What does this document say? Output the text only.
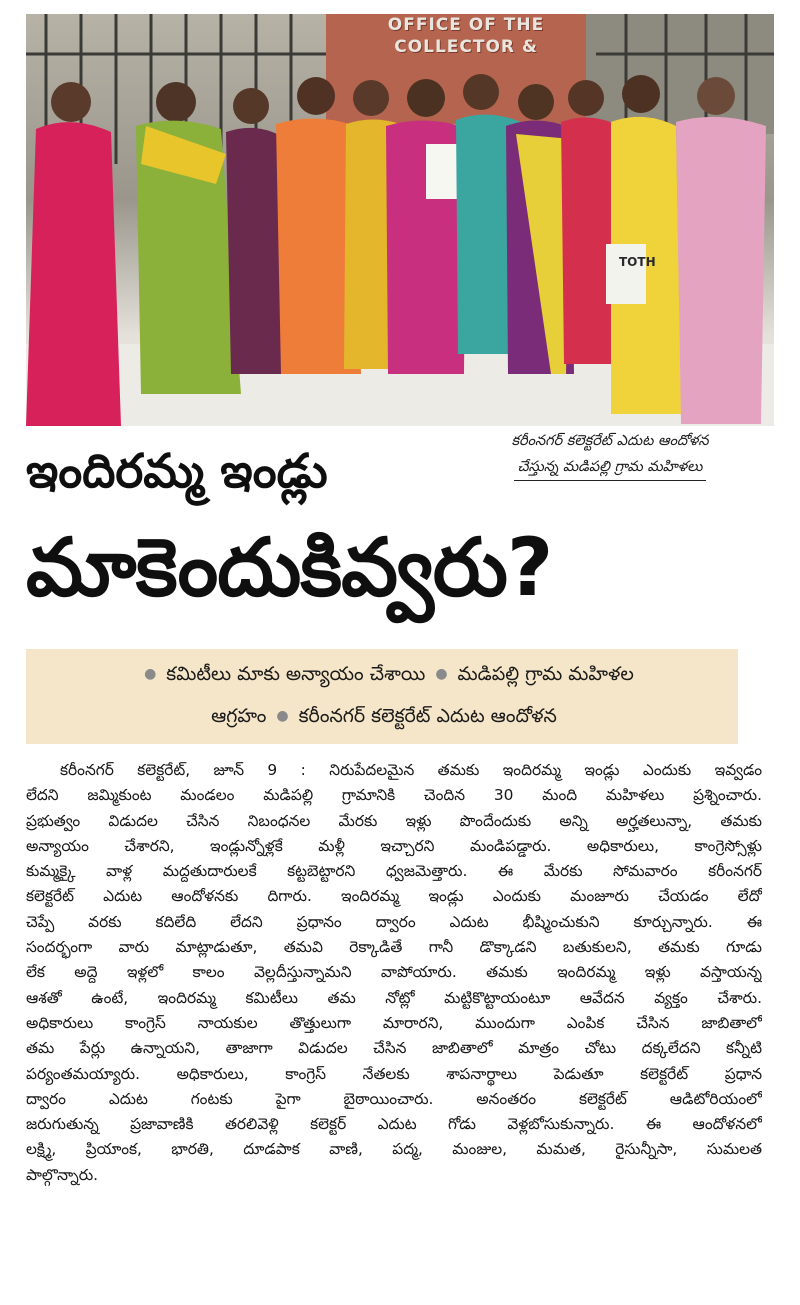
TOTH
OFFICE OF THE
COLLECTOR &
కరీంనగర్ కలెక్టరేట్ ఎదుట ఆందోళన
చేస్తున్న మడిపల్లి గ్రామ మహిళలు
ఇందిరమ్మ ఇండ్లు
మాకెందుకివ్వరు?
● కమిటీలు మాకు అన్యాయం చేశాయి ● మడిపల్లి గ్రామ మహిళల
ఆగ్రహం ● కరీంనగర్ కలెక్టరేట్ ఎదుట ఆందోళన
కరీంనగర్ కలెక్టరేట్, జూన్ 9 : నిరుపేదలమైన తమకు ఇందిరమ్మ ఇండ్లు ఎందుకు ఇవ్వడం
లేదని జమ్మికుంట మండలం మడిపల్లి గ్రామానికి చెందిన 30 మంది మహిళలు ప్రశ్నించారు.
ప్రభుత్వం విడుదల చేసిన నిబంధనల మేరకు ఇళ్లు పొందేందుకు అన్ని అర్హతలున్నా, తమకు
అన్యాయం చేశారని, ఇండ్లున్నోళ్లకే మళ్లీ ఇచ్చారని మండిపడ్డారు. అధికారులు, కాంగ్రెస్సోళ్లు
కుమ్మక్కై వాళ్ల మద్దతుదారులకే కట్టబెట్టారని ధ్వజమెత్తారు. ఈ మేరకు సోమవారం కరీంనగర్
కలెక్టరేట్ ఎదుట ఆందోళనకు దిగారు. ఇందిరమ్మ ఇండ్లు ఎందుకు మంజూరు చేయడం లేదో
చెప్పే వరకు కదిలేది లేదని ప్రధానం ద్వారం ఎదుట భీష్మించుకుని కూర్చున్నారు. ఈ
సందర్భంగా వారు మాట్లాడుతూ, తమవి రెక్కాడితే గానీ డొక్కాడని బతుకులని, తమకు గూడు
లేక అద్దె ఇళ్లలో కాలం వెల్లదీస్తున్నామని వాపోయారు. తమకు ఇందిరమ్మ ఇళ్లు వస్తాయన్న
ఆశతో ఉంటే, ఇందిరమ్మ కమిటీలు తమ నోట్లో మట్టికొట్టాయంటూ ఆవేదన వ్యక్తం చేశారు.
అధికారులు కాంగ్రెస్ నాయకుల తొత్తులుగా మారారని, ముందుగా ఎంపిక చేసిన జాబితాలో
తమ పేర్లు ఉన్నాయని, తాజాగా విడుదల చేసిన జాబితాలో మాత్రం చోటు దక్కలేదని కన్నీటి
పర్యంతమయ్యారు. అధికారులు, కాంగ్రెస్ నేతలకు శాపనార్థాలు పెడుతూ కలెక్టరేట్ ప్రధాన
ద్వారం ఎదుట గంటకు పైగా బైఠాయించారు. అనంతరం కలెక్టరేట్ ఆడిటోరియంలో
జరుగుతున్న ప్రజావాణికి తరలివెళ్లి కలెక్టర్ ఎదుట గోడు వెళ్లబోసుకున్నారు. ఈ ఆందోళనలో
లక్ష్మి, ప్రియాంక, భారతి, దూడపాక వాణి, పద్మ, మంజుల, మమత, రైసున్నీసా, సుమలత
పాల్గొన్నారు.
